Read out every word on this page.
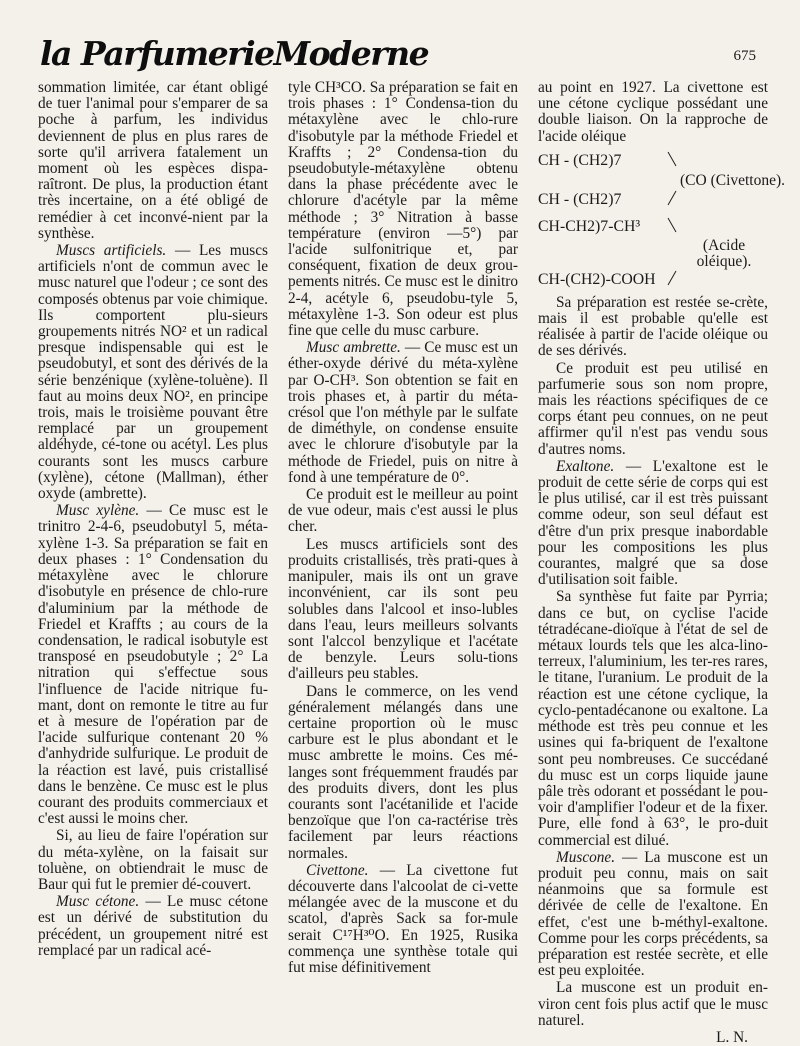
la ParfumerieModerne	675

sommation limitée, car étant obligé de tuer l'animal pour s'emparer de sa poche à parfum, les individus deviennent de plus en plus rares de sorte qu'il arrivera fatalement un moment où les espèces dispa-raîtront. De plus, la production étant très incertaine, on a été obligé de remédier à cet inconvé-nient par la synthèse.

Muscs artificiels. — Les muscs artificiels n'ont de commun avec le musc naturel que l'odeur ; ce sont des composés obtenus par voie chimique. Ils comportent plu-sieurs groupements nitrés NO² et un radical presque indispensable qui est le pseudobutyl, et sont des dérivés de la série benzénique (xylène-toluène). Il faut au moins deux NO², en principe trois, mais le troisième pouvant être remplacé par un groupement aldéhyde, cé-tone ou acétyl. Les plus courants sont les muscs carbure (xylène), cétone (Mallman), éther oxyde (ambrette).

Musc xylène. — Ce musc est le trinitro 2-4-6, pseudobutyl 5, méta-xylène 1-3. Sa préparation se fait en deux phases : 1° Condensation du métaxylène avec le chlorure d'isobutyle en présence de chlo-rure d'aluminium par la méthode de Friedel et Kraffts ; au cours de la condensation, le radical isobutyle est transposé en pseudobutyle ; 2° La nitration qui s'effectue sous l'influence de l'acide nitrique fu-mant, dont on remonte le titre au fur et à mesure de l'opération par de l'acide sulfurique contenant 20 % d'anhydride sulfurique. Le produit de la réaction est lavé, puis cristallisé dans le benzène. Ce musc est le plus courant des produits commerciaux et c'est aussi le moins cher.

Si, au lieu de faire l'opération sur du méta-xylène, on la faisait sur toluène, on obtiendrait le musc de Baur qui fut le premier dé-couvert.

Musc cétone. — Le musc cétone est un dérivé de substitution du précédent, un groupement nitré est remplacé par un radical acé-

tyle CH³CO. Sa préparation se fait en trois phases : 1° Condensa-tion du métaxylène avec le chlo-rure d'isobutyle par la méthode Friedel et Kraffts ; 2° Condensa-tion du pseudobutyle-métaxylène obtenu dans la phase précédente avec le chlorure d'acétyle par la même méthode ; 3° Nitration à basse température (environ —5°) par l'acide sulfonitrique et, par conséquent, fixation de deux grou-pements nitrés. Ce musc est le dinitro 2-4, acétyle 6, pseudobu-tyle 5, métaxylène 1-3. Son odeur est plus fine que celle du musc carbure.

Musc ambrette. — Ce musc est un éther-oxyde dérivé du méta-xylène par O-CH³. Son obtention se fait en trois phases et, à partir du méta-crésol que l'on méthyle par le sulfate de diméthyle, on condense ensuite avec le chlorure d'isobutyle par la méthode de Friedel, puis on nitre à fond à une température de 0°.

Ce produit est le meilleur au point de vue odeur, mais c'est aussi le plus cher.

Les muscs artificiels sont des produits cristallisés, très prati-ques à manipuler, mais ils ont un grave inconvénient, car ils sont peu solubles dans l'alcool et inso-lubles dans l'eau, leurs meilleurs solvants sont l'alccol benzylique et l'acétate de benzyle. Leurs solu-tions d'ailleurs peu stables.

Dans le commerce, on les vend généralement mélangés dans une certaine proportion où le musc carbure est le plus abondant et le musc ambrette le moins. Ces mé-langes sont fréquemment fraudés par des produits divers, dont les plus courants sont l'acétanilide et l'acide benzoïque que l'on ca-ractérise très facilement par leurs réactions normales.

Civettone. — La civettone fut découverte dans l'alcoolat de ci-vette mélangée avec de la muscone et du scatol, d'après Sack sa for-mule serait C¹⁷H³⁰O. En 1925, Rusika commença une synthèse totale qui fut mise définitivement

au point en 1927. La civettone est une cétone cyclique possédant une double liaison. On la rapproche de l'acide oléique

CH - (CH2)7
(CO (Civettone).
CH - (CH2)7
CH-CH2)7-CH³
(Acide
oléique).
CH-(CH2)-COOH

Sa préparation est restée se-crète, mais il est probable qu'elle est réalisée à partir de l'acide oléique ou de ses dérivés.

Ce produit est peu utilisé en parfumerie sous son nom propre, mais les réactions spécifiques de ce corps étant peu connues, on ne peut affirmer qu'il n'est pas vendu sous d'autres noms.

Exaltone. — L'exaltone est le produit de cette série de corps qui est le plus utilisé, car il est très puissant comme odeur, son seul défaut est d'être d'un prix presque inabordable pour les compositions les plus courantes, malgré que sa dose d'utilisation soit faible.

Sa synthèse fut faite par Pyrria; dans ce but, on cyclise l'acide tétradécane-dioïque à l'état de sel de métaux lourds tels que les alca-lino-terreux, l'aluminium, les ter-res rares, le titane, l'uranium. Le produit de la réaction est une cétone cyclique, la cyclo-pentadécanone ou exaltone. La méthode est très peu connue et les usines qui fa-briquent de l'exaltone sont peu nombreuses. Ce succédané du musc est un corps liquide jaune pâle très odorant et possédant le pou-voir d'amplifier l'odeur et de la fixer. Pure, elle fond à 63°, le pro-duit commercial est dilué.

Muscone. — La muscone est un produit peu connu, mais on sait néanmoins que sa formule est dérivée de celle de l'exaltone. En effet, c'est une b-méthyl-exaltone. Comme pour les corps précédents, sa préparation est restée secrète, et elle est peu exploitée.

La muscone est un produit en-viron cent fois plus actif que le musc naturel.

L. N.
